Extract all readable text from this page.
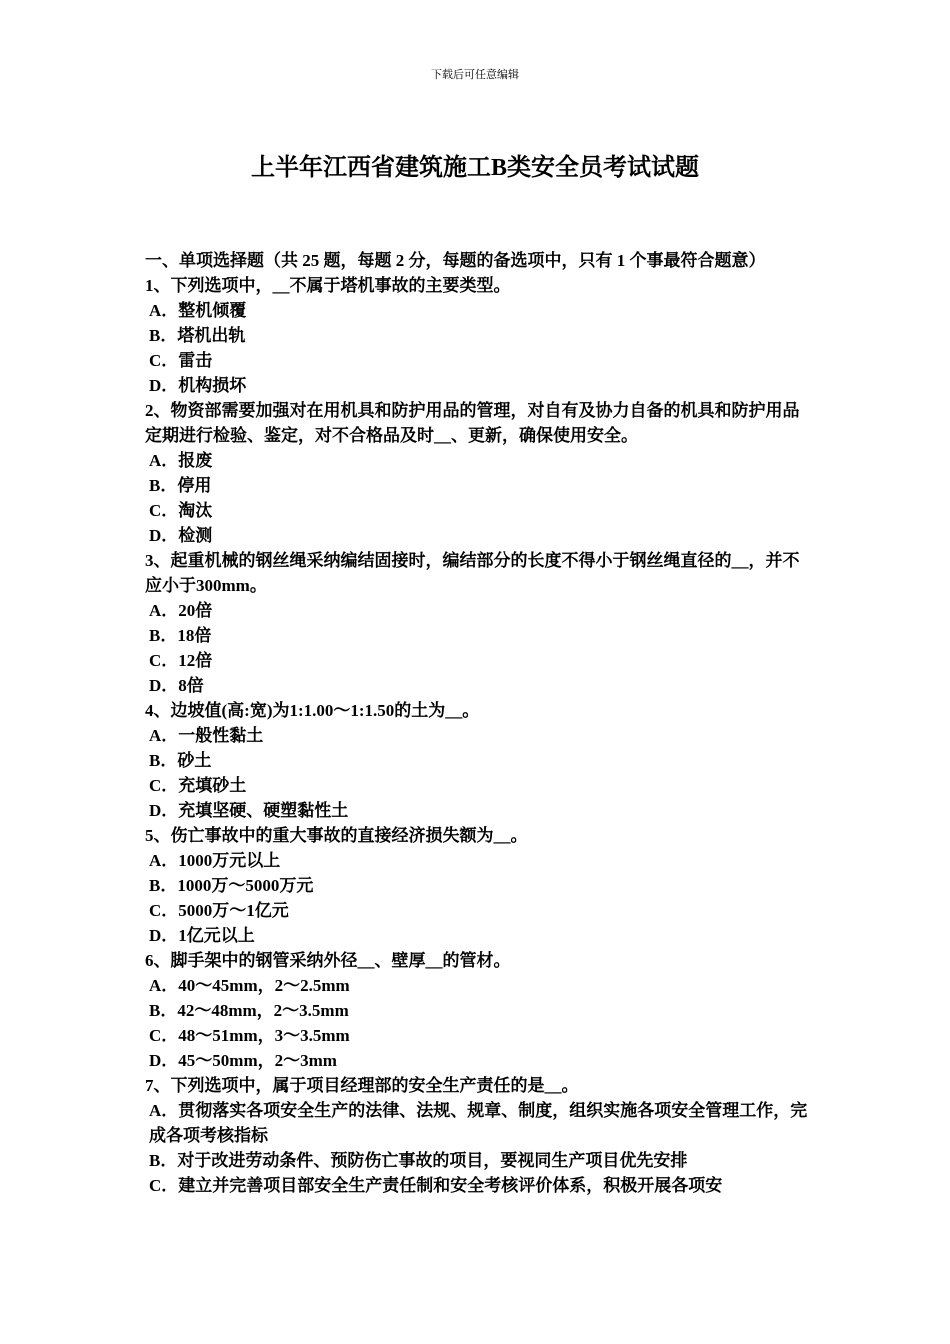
下载后可任意编辑
上半年江西省建筑施工B类安全员考试试题

一、单项选择题（共 25 题，每题 2 分，每题的备选项中，只有 1 个事最符合题意）

1、下列选项中，__不属于塔机事故的主要类型。

A．整机倾覆

B．塔机出轨

C．雷击

D．机构损坏

2、物资部需要加强对在用机具和防护用品的管理，对自有及协力自备的机具和防护用品定期进行检验、鉴定，对不合格品及时__、更新，确保使用安全。

A．报废

B．停用

C．淘汰

D．检测

3、起重机械的钢丝绳采纳编结固接时，编结部分的长度不得小于钢丝绳直径的__，并不应小于300mm。

A．20倍

B．18倍

C．12倍

D．8倍

4、边坡值(高:宽)为1:1.00～1:1.50的土为__。

A．一般性黏土

B．砂土

C．充填砂土

D．充填坚硬、硬塑黏性土

5、伤亡事故中的重大事故的直接经济损失额为__。

A．1000万元以上

B．1000万～5000万元

C．5000万～1亿元

D．1亿元以上

6、脚手架中的钢管采纳外径__、壁厚__的管材。

A．40～45mm，2～2.5mm

B．42～48mm，2～3.5mm

C．48～51mm，3～3.5mm

D．45～50mm，2～3mm

7、下列选项中，属于项目经理部的安全生产责任的是__。

A．贯彻落实各项安全生产的法律、法规、规章、制度，组织实施各项安全管理工作，完成各项考核指标

B．对于改进劳动条件、预防伤亡事故的项目，要视同生产项目优先安排

C．建立并完善项目部安全生产责任制和安全考核评价体系，积极开展各项安
